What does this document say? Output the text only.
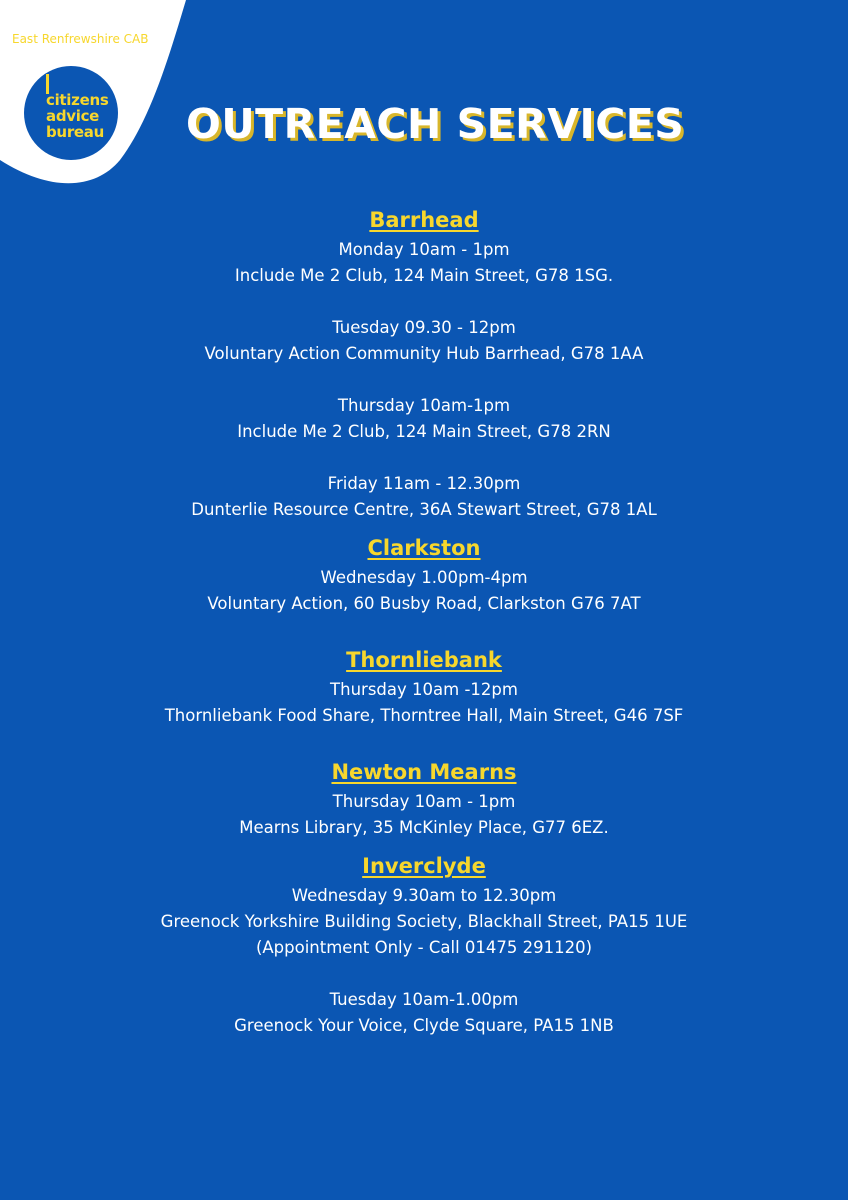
East Renfrewshire CAB
citizens
advice
bureau OUTREACH SERVICES

Barrhead

Monday 10am - 1pm

Include Me 2 Club, 124 Main Street, G78 1SG.

Tuesday 09.30 - 12pm

Voluntary Action Community Hub Barrhead, G78 1AA

Thursday 10am-1pm

Include Me 2 Club, 124 Main Street, G78 2RN

Friday 11am - 12.30pm

Dunterlie Resource Centre, 36A Stewart Street, G78 1AL

Clarkston

Wednesday 1.00pm-4pm

Voluntary Action, 60 Busby Road, Clarkston G76 7AT

Thornliebank

Thursday 10am -12pm

Thornliebank Food Share, Thorntree Hall, Main Street, G46 7SF

Newton Mearns

Thursday 10am - 1pm

Mearns Library, 35 McKinley Place, G77 6EZ.

Inverclyde

Wednesday 9.30am to 12.30pm

Greenock Yorkshire Building Society, Blackhall Street, PA15 1UE

(Appointment Only - Call 01475 291120)

Tuesday 10am-1.00pm

Greenock Your Voice, Clyde Square, PA15 1NB
